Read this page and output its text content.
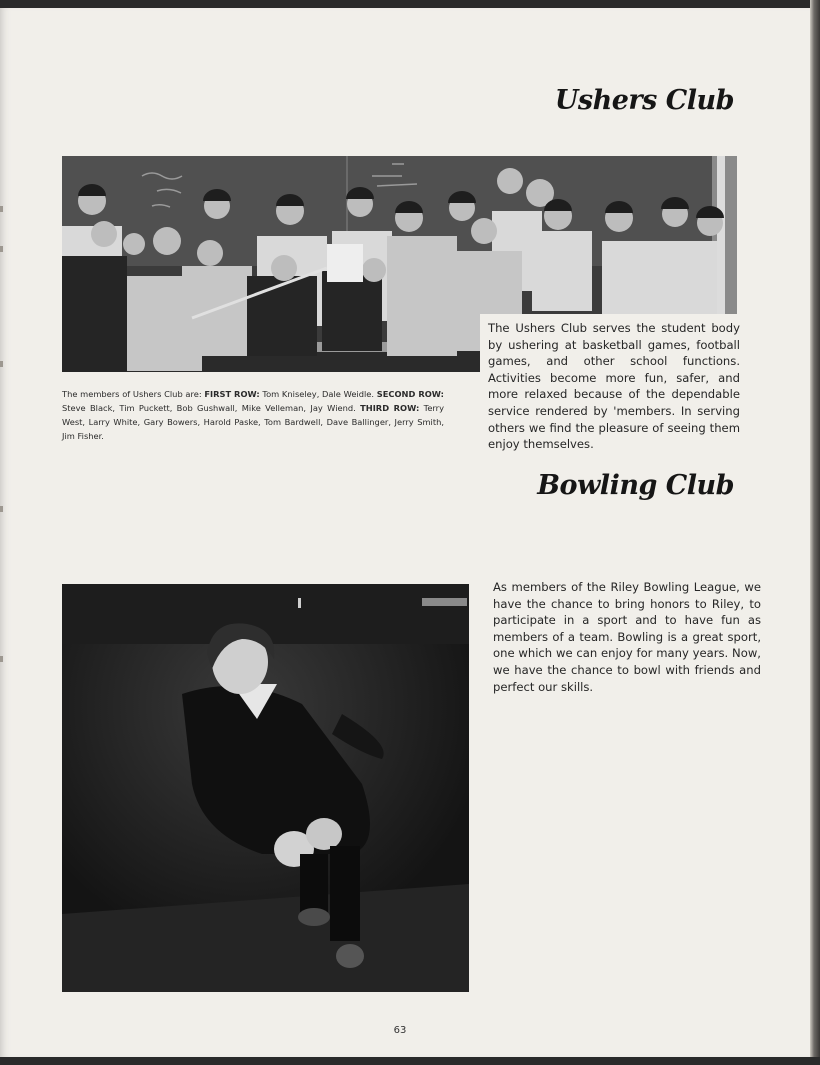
Ushers Club
The members of Ushers Club are: FIRST ROW: Tom Kniseley, Dale Weidle. SECOND ROW: Steve Black, Tim Puckett, Bob Gushwall, Mike Velleman, Jay Wiend. THIRD ROW: Terry West, Larry White, Gary Bowers, Harold Paske, Tom Bardwell, Dave Ballinger, Jerry Smith, Jim Fisher.
The Ushers Club serves the student body by ushering at basketball games, football games, and other school functions. Activities become more fun, safer, and more relaxed because of the dependable service rendered by 'members. In serving others we find the pleasure of seeing them enjoy themselves.
Bowling Club
As members of the Riley Bowling League, we have the chance to bring honors to Riley, to participate in a sport and to have fun as members of a team. Bowling is a great sport, one which we can enjoy for many years. Now, we have the chance to bowl with friends and perfect our skills.
63
